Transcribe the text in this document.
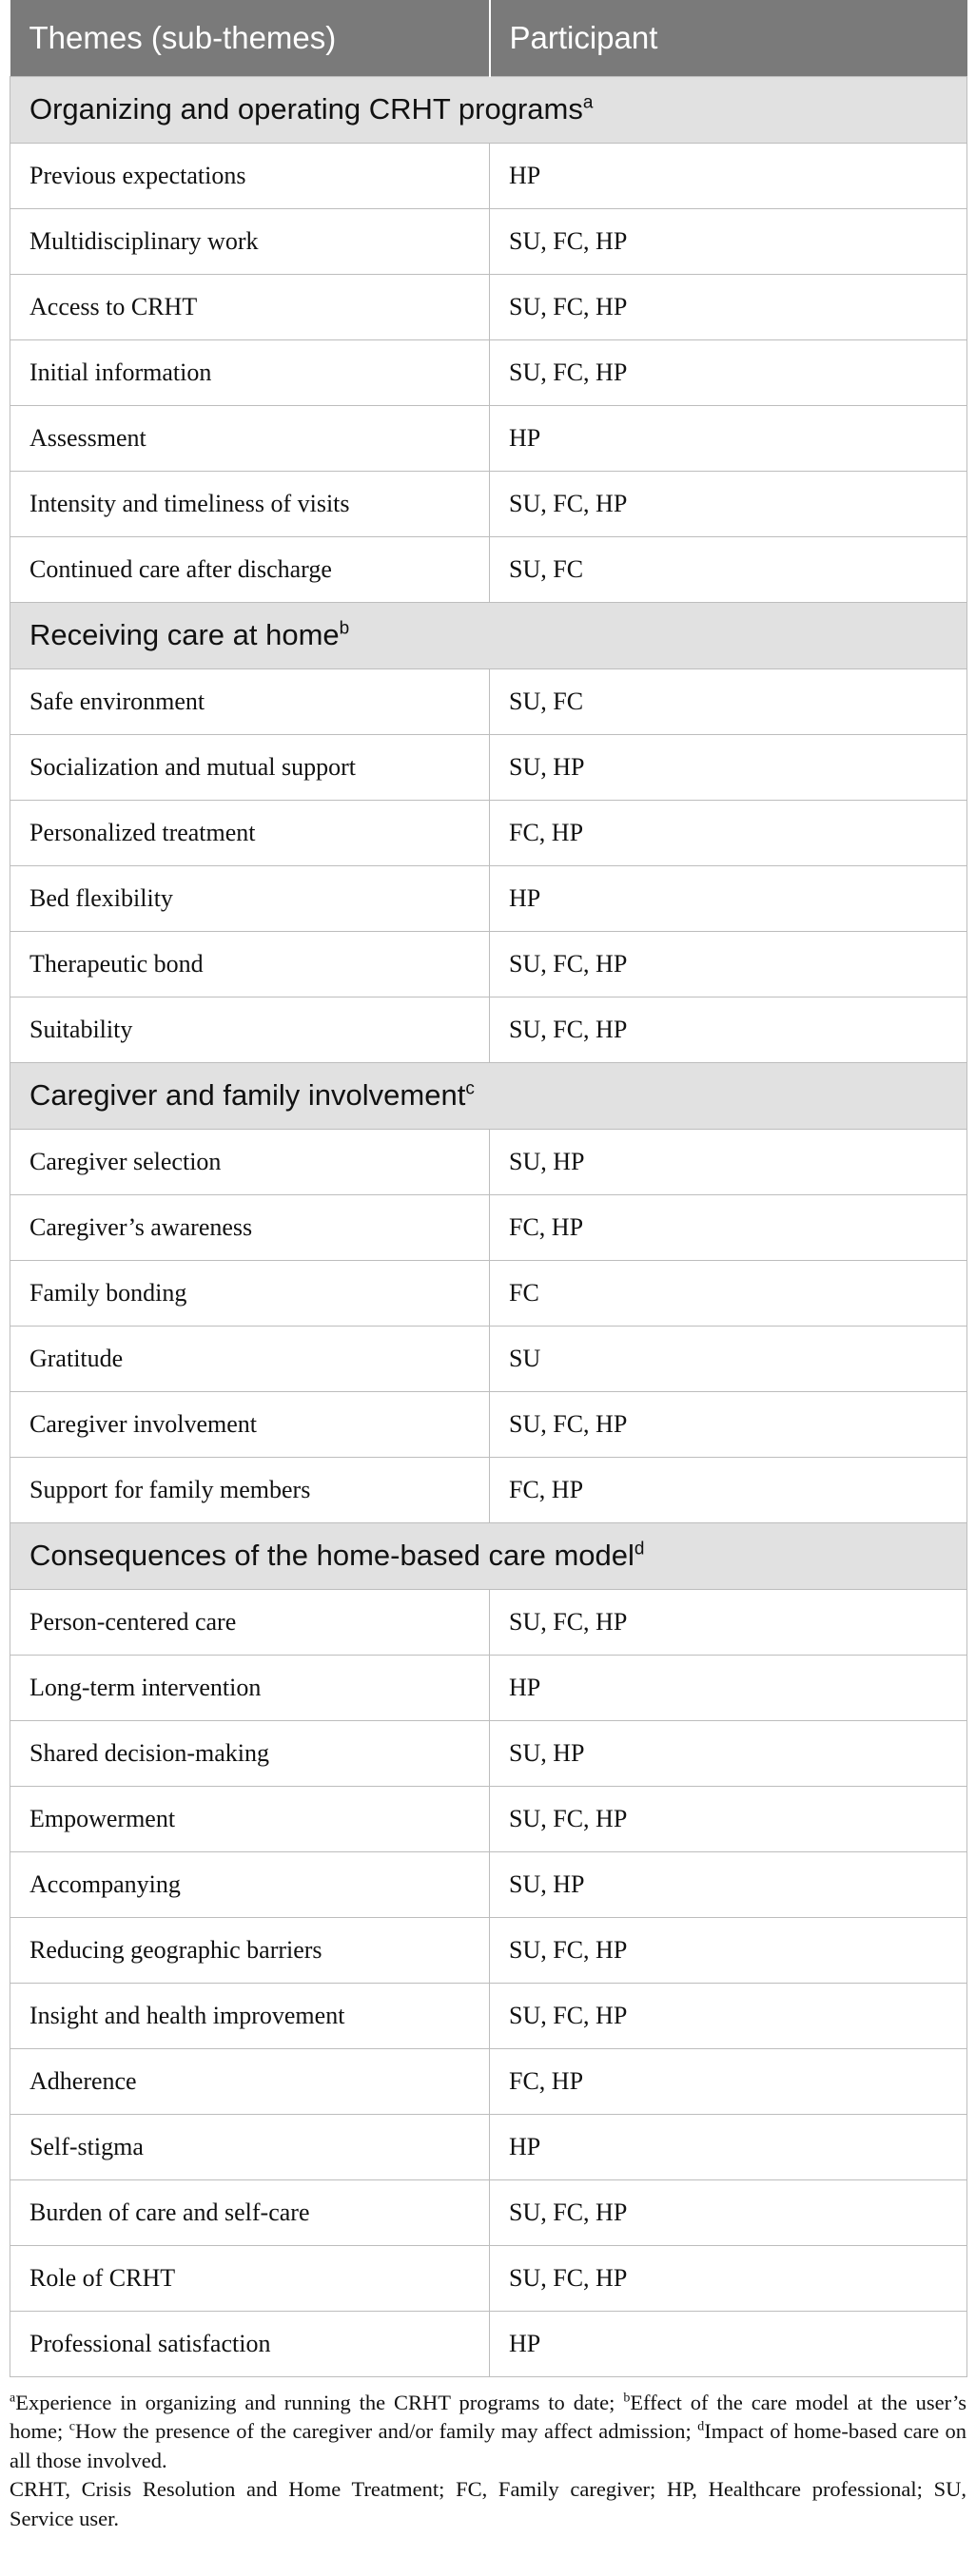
Themes (sub-themes)	Participant
Organizing and operating CRHT programs$^a$
Previous expectations	HP
Multidisciplinary work	SU, FC, HP
Access to CRHT	SU, FC, HP
Initial information	SU, FC, HP
Assessment	HP
Intensity and timeliness of visits	SU, FC, HP
Continued care after discharge	SU, FC
Receiving care at home$^b$
Safe environment	SU, FC
Socialization and mutual support	SU, HP
Personalized treatment	FC, HP
Bed flexibility	HP
Therapeutic bond	SU, FC, HP
Suitability	SU, FC, HP
Caregiver and family involvement$^c$
Caregiver selection	SU, HP
Caregiver’s awareness	FC, HP
Family bonding	FC
Gratitude	SU
Caregiver involvement	SU, FC, HP
Support for family members	FC, HP
Consequences of the home-based care model$^d$
Person-centered care	SU, FC, HP
Long-term intervention	HP
Shared decision-making	SU, HP
Empowerment	SU, FC, HP
Accompanying	SU, HP
Reducing geographic barriers	SU, FC, HP
Insight and health improvement	SU, FC, HP
Adherence	FC, HP
Self-stigma	HP
Burden of care and self-care	SU, FC, HP
Role of CRHT	SU, FC, HP
Professional satisfaction	HP

$^a$Experience in organizing and running the CRHT programs to date; $^b$Effect of the care model at the user’s home; $^c$How the presence of the caregiver and/or family may affect admission; $^d$Impact of home-based care on all those involved.

CRHT, Crisis Resolution and Home Treatment; FC, Family caregiver; HP, Healthcare professional; SU, Service user.
